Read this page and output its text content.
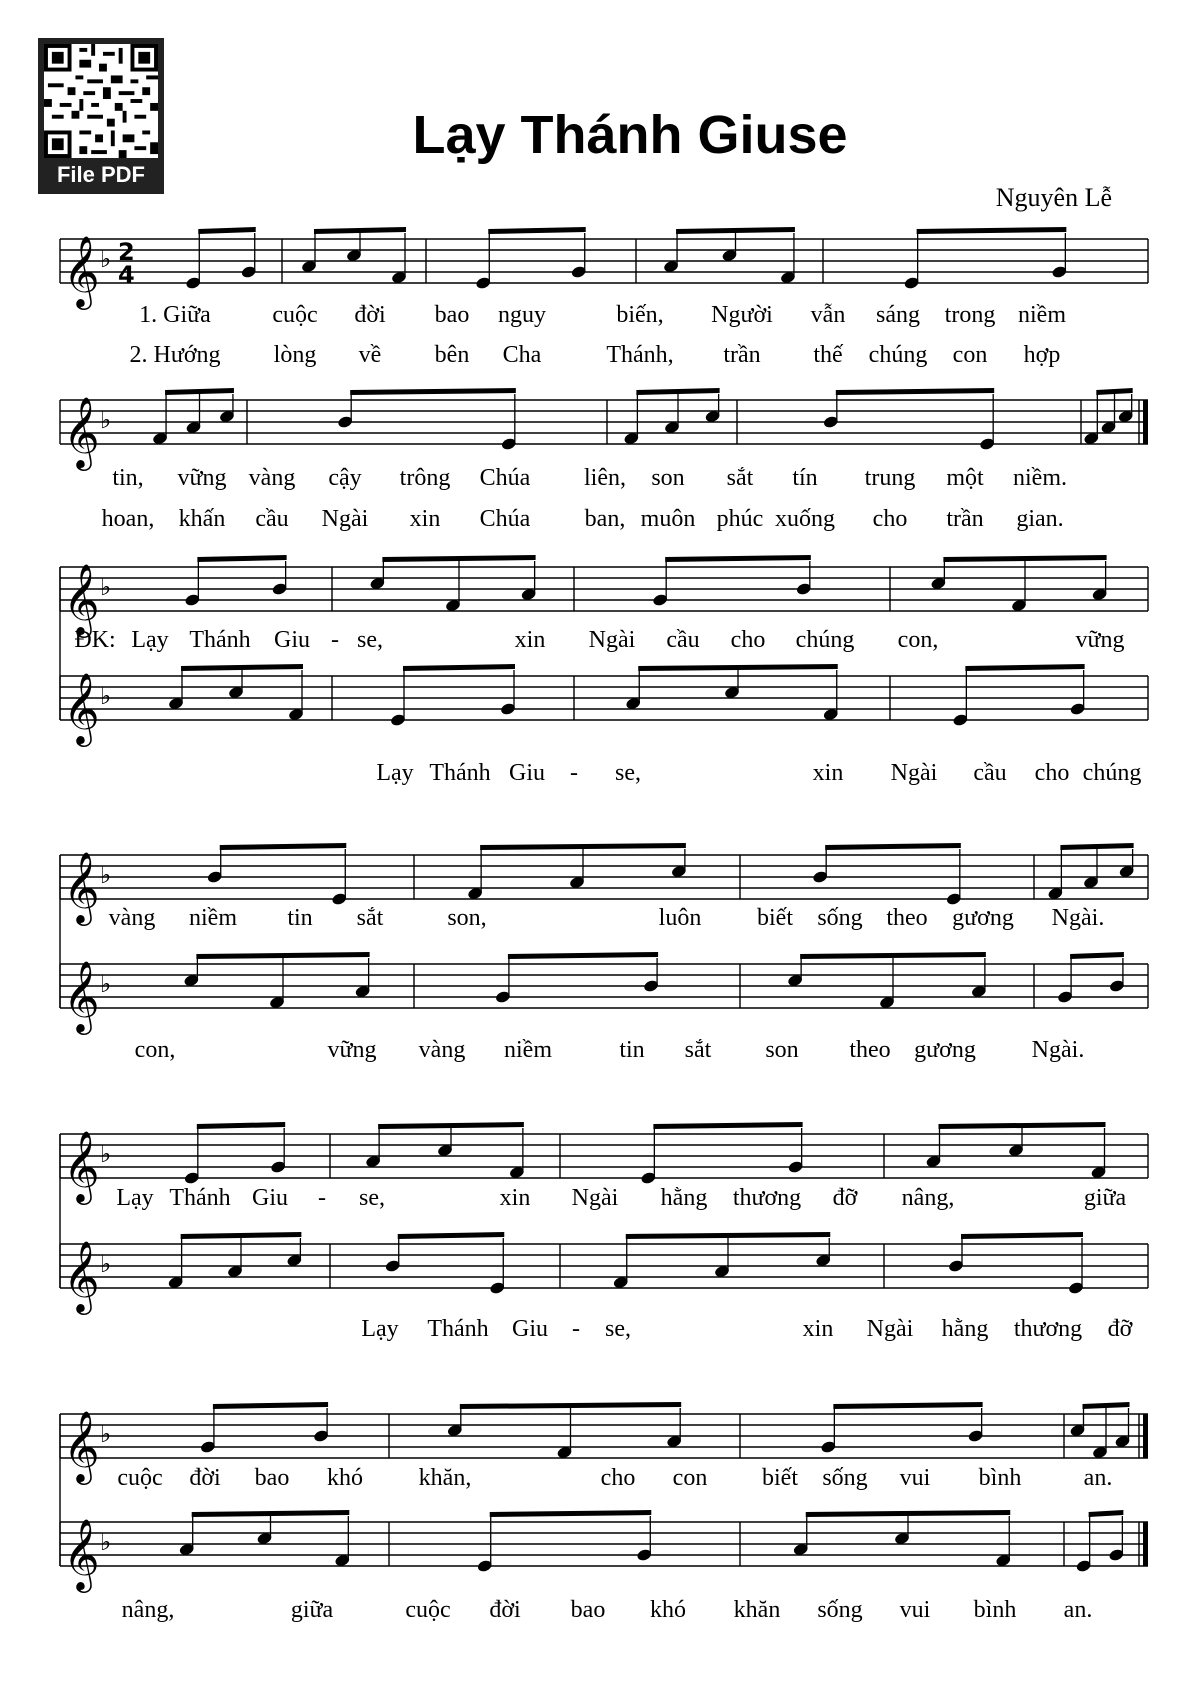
File PDF
Lạy Thánh Giuse
Nguyên Lễ
𝄞 ♭ 2
4
1. Giữa	cuộc đời bao nguy	biến, Người vẫn sáng trong niềm
2. Hướng lòng về bên Cha	Thánh, trần thế chúng con hợp
𝄞 ♭
tin, vững vàng cậy trông Chúa liên, son sắt tín trung một niềm.
hoan, khấn cầu Ngài xin Chúa ban, muôn phúc xuống cho trần gian.
𝄞 ♭
ĐK: Lạy Thánh Giu - se,	xin Ngài cầu cho chúng con,	vững
𝄞 ♭
Lạy Thánh Giu - se,	xin Ngài cầu cho chúng
𝄞 ♭
vàng niềm tin sắt	son,	luôn biết sống theo gương Ngài.
𝄞 ♭
con,	vững vàng niềm	tin sắt son theo gương Ngài.
𝄞 ♭
Lạy Thánh Giu - se,	xin Ngài hằng thương đỡ nâng,	giữa
𝄞 ♭
Lạy Thánh Giu - se,	xin Ngài hằng thương đỡ
𝄞 ♭
cuộc đời bao khó khăn,	cho con biết sống vui bình	an.
𝄞 ♭
nâng,	giữa	cuộc đời bao khó khăn sống vui bình an.
